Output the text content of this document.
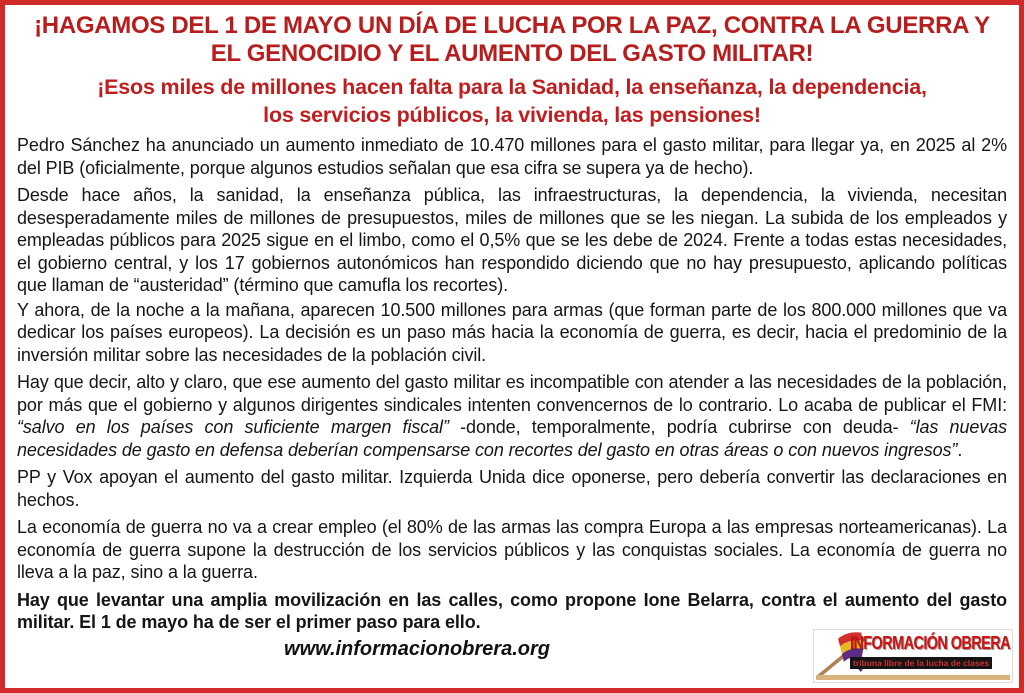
¡HAGAMOS DEL 1 DE MAYO UN DÍA DE LUCHA POR LA PAZ, CONTRA LA GUERRA Y
EL GENOCIDIO Y EL AUMENTO DEL GASTO MILITAR!
¡Esos miles de millones hacen falta para la Sanidad, la enseñanza, la dependencia,
los servicios públicos, la vivienda, las pensiones!

Pedro Sánchez ha anunciado un aumento inmediato de 10.470 millones para el gasto militar, para llegar ya, en 2025 al 2% del PIB (oficialmente, porque algunos estudios señalan que esa cifra se supera ya de hecho).

Desde hace años, la sanidad, la enseñanza pública, las infraestructuras, la dependencia, la vivienda, necesitan desesperadamente miles de millones de presupuestos, miles de millones que se les niegan. La subida de los empleados y empleadas públicos para 2025 sigue en el limbo, como el 0,5% que se les debe de 2024. Frente a todas estas necesidades, el gobierno central, y los 17 gobiernos autonómicos han respondido diciendo que no hay presupuesto, aplicando políticas que llaman de “austeridad” (término que camufla los recortes).

Y ahora, de la noche a la mañana, aparecen 10.500 millones para armas (que forman parte de los 800.000 millones que va dedicar los países europeos). La decisión es un paso más hacia la economía de guerra, es decir, hacia el predominio de la inversión militar sobre las necesidades de la población civil.

Hay que decir, alto y claro, que ese aumento del gasto militar es incompatible con atender a las necesidades de la población, por más que el gobierno y algunos dirigentes sindicales intenten convencernos de lo contrario. Lo acaba de publicar el FMI: “salvo en los países con suficiente margen fiscal” -donde, temporalmente, podría cubrirse con deuda- “las nuevas necesidades de gasto en defensa deberían compensarse con recortes del gasto en otras áreas o con nuevos ingresos”.

PP y Vox apoyan el aumento del gasto militar. Izquierda Unida dice oponerse, pero debería convertir las declaraciones en hechos.

La economía de guerra no va a crear empleo (el 80% de las armas las compra Europa a las empresas norteamericanas). La economía de guerra supone la destrucción de los servicios públicos y las conquistas sociales. La economía de guerra no lleva a la paz, sino a la guerra.

Hay que levantar una amplia movilización en las calles, como propone Ione Belarra, contra el aumento del gasto militar. El 1 de mayo ha de ser el primer paso para ello.

www.informacionobrera.org	INFORMACIÓN OBRERA
tribuna libre de la lucha de clases
